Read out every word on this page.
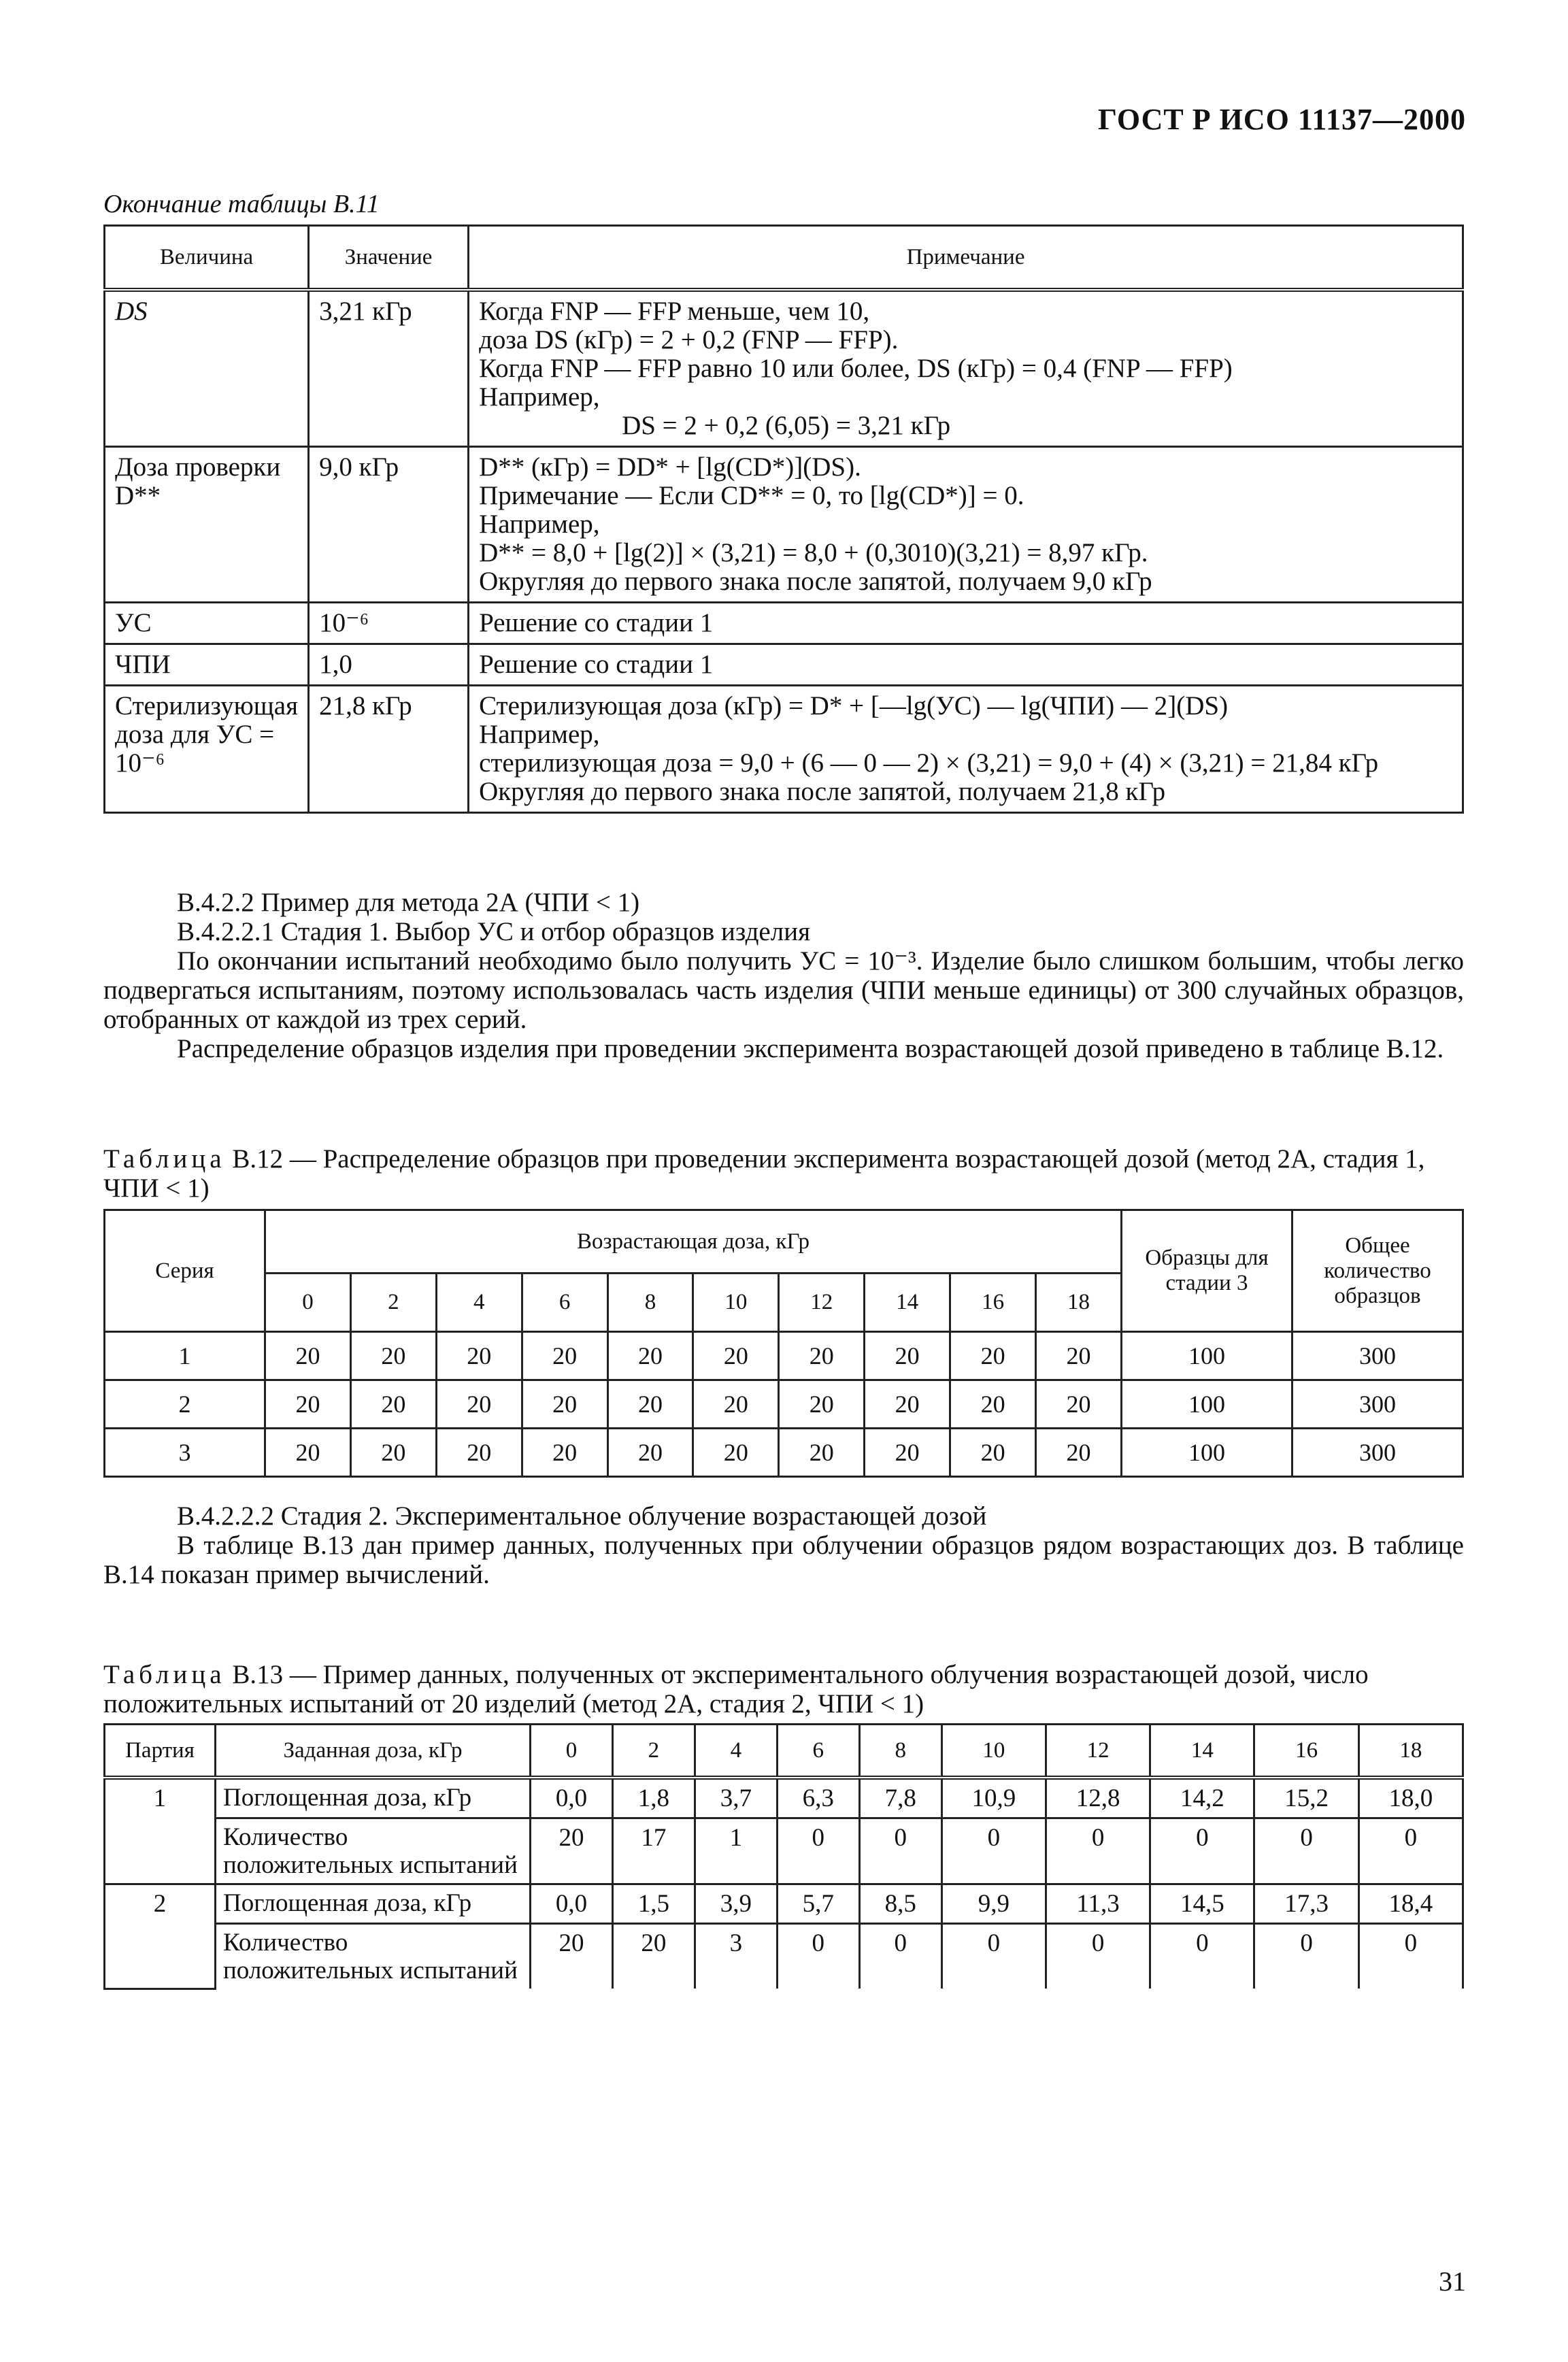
ГОСТ Р ИСО 11137—2000
Окончание таблицы В.11
Величина	Значение	Примечание
DS	3,21 кГр	Когда FNP — FFP меньше, чем 10,
доза DS (кГр) = 2 + 0,2 (FNP — FFP).
Когда FNP — FFP равно 10 или более, DS (кГр) = 0,4 (FNP — FFP)
Например,
DS = 2 + 0,2 (6,05) = 3,21 кГр

Доза проверки D**	9,0 кГр	D** (кГр) = DD* + [lg(CD*)](DS).
Примечание — Если CD** = 0, то [lg(CD*)] = 0.
Например,
D** = 8,0 + [lg(2)] × (3,21) = 8,0 + (0,3010)(3,21) = 8,97 кГр.
Округляя до первого знака после запятой, получаем 9,0 кГр

УС	10⁻⁶	Решение со стадии 1
ЧПИ	1,0	Решение со стадии 1
Стерилизующая доза для УС = 10⁻⁶	21,8 кГр	Стерилизующая доза (кГр) = D* + [—lg(УС) — lg(ЧПИ) — 2](DS)
Например,
стерилизующая доза = 9,0 + (6 — 0 — 2) × (3,21) = 9,0 + (4) × (3,21) = 21,84 кГр
Округляя до первого знака после запятой, получаем 21,8 кГр

В.4.2.2 Пример для метода 2А (ЧПИ < 1)

В.4.2.2.1 Стадия 1. Выбор УС и отбор образцов изделия

По окончании испытаний необходимо было получить УС = 10⁻³. Изделие было слишком большим, чтобы легко подвергаться испытаниям, поэтому использовалась часть изделия (ЧПИ меньше единицы) от 300 случайных образцов, отобранных от каждой из трех серий.

Распределение образцов изделия при проведении эксперимента возрастающей дозой приведено в таблице В.12.

Таблица В.12 — Распределение образцов при проведении эксперимента возрастающей дозой (метод 2А, стадия 1, ЧПИ < 1)
Серия	Возрастающая доза, кГр										Образцы для стадии 3	Общее количество образцов
	0	2	4	6	8	10	12	14	16	18		
1	20	20	20	20	20	20	20	20	20	20	100	300
2	20	20	20	20	20	20	20	20	20	20	100	300
3	20	20	20	20	20	20	20	20	20	20	100	300

В.4.2.2.2 Стадия 2. Экспериментальное облучение возрастающей дозой

В таблице В.13 дан пример данных, полученных при облучении образцов рядом возрастающих доз. В таблице В.14 показан пример вычислений.

Таблица В.13 — Пример данных, полученных от экспериментального облучения возрастающей дозой, число положительных испытаний от 20 изделий (метод 2А, стадия 2, ЧПИ < 1)
Партия	Заданная доза, кГр	0	2	4	6	8	10	12	14	16	18
1	Поглощенная доза, кГр	0,0	1,8	3,7	6,3	7,8	10,9	12,8	14,2	15,2	18,0
	Количество положительных испытаний	20	17	1	0	0	0	0	0	0	0
2	Поглощенная доза, кГр	0,0	1,5	3,9	5,7	8,5	9,9	11,3	14,5	17,3	18,4
	Количество положительных испытаний	20	20	3	0	0	0	0	0	0	0
31
